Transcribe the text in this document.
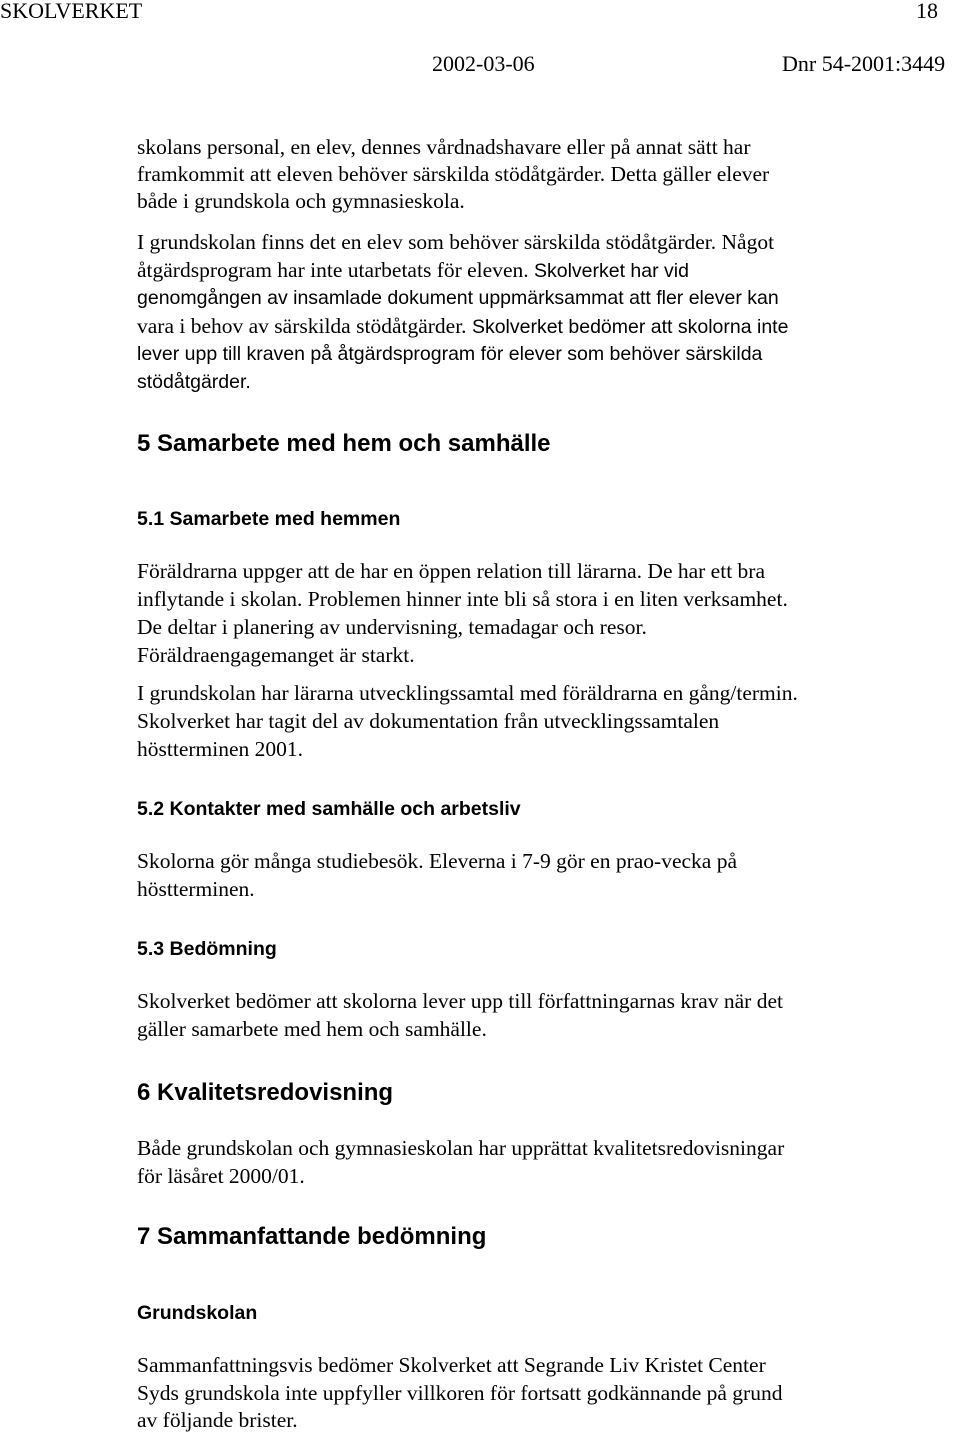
SKOLVERKET	18
2002-03-06	Dnr 54-2001:3449
skolans personal, en elev, dennes vårdnadshavare eller på annat sätt har
framkommit att eleven behöver särskilda stödåtgärder. Detta gäller elever
både i grundskola och gymnasieskola.
I grundskolan finns det en elev som behöver särskilda stödåtgärder. Något
åtgärdsprogram har inte utarbetats för eleven. Skolverket har vid
genomgången av insamlade dokument uppmärksammat att fler elever kan
vara i behov av särskilda stödåtgärder. Skolverket bedömer att skolorna inte
lever upp till kraven på åtgärdsprogram för elever som behöver särskilda
stödåtgärder.
5 Samarbete med hem och samhälle
5.1 Samarbete med hemmen
Föräldrarna uppger att de har en öppen relation till lärarna. De har ett bra
inflytande i skolan. Problemen hinner inte bli så stora i en liten verksamhet.
De deltar i planering av undervisning, temadagar och resor.
Föräldraengagemanget är starkt.
I grundskolan har lärarna utvecklingssamtal med föräldrarna en gång/termin.
Skolverket har tagit del av dokumentation från utvecklingssamtalen
höstterminen 2001.
5.2 Kontakter med samhälle och arbetsliv
Skolorna gör många studiebesök. Eleverna i 7-9 gör en prao-vecka på
höstterminen.
5.3 Bedömning
Skolverket bedömer att skolorna lever upp till författningarnas krav när det
gäller samarbete med hem och samhälle.
6 Kvalitetsredovisning
Både grundskolan och gymnasieskolan har upprättat kvalitetsredovisningar
för läsåret 2000/01.
7 Sammanfattande bedömning
Grundskolan
Sammanfattningsvis bedömer Skolverket att Segrande Liv Kristet Center
Syds grundskola inte uppfyller villkoren för fortsatt godkännande på grund
av följande brister.
